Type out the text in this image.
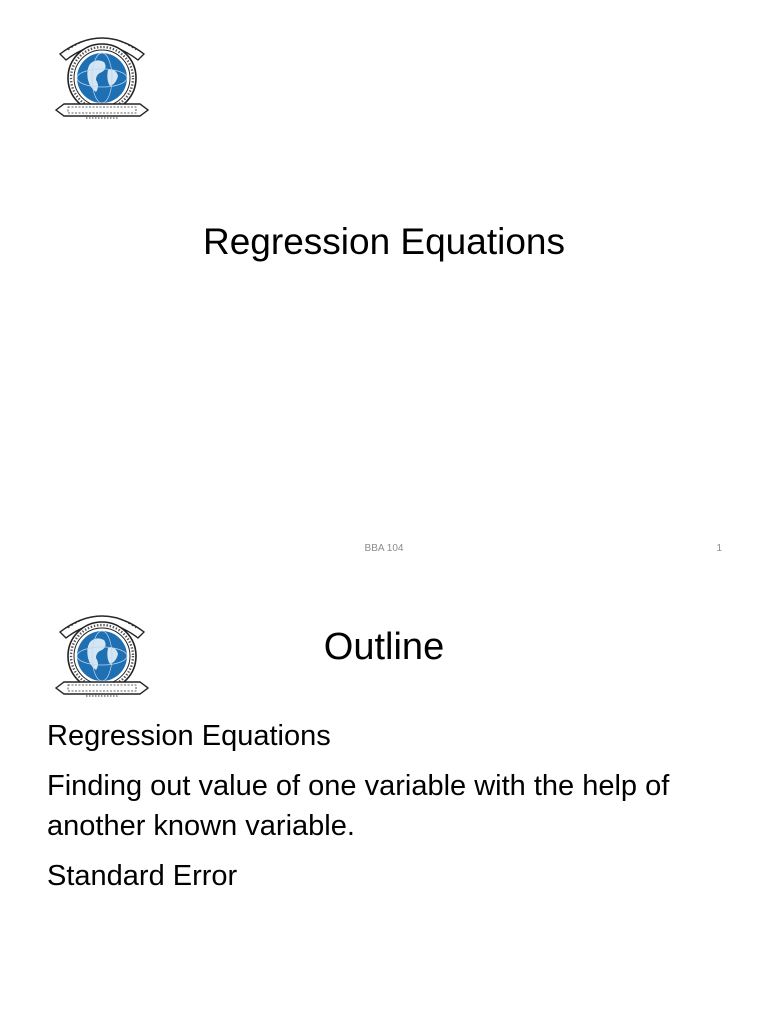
Regression Equations
BBA 104	1
Outline
Regression Equations
Finding out value of one variable with the help of another known variable.
Standard Error
